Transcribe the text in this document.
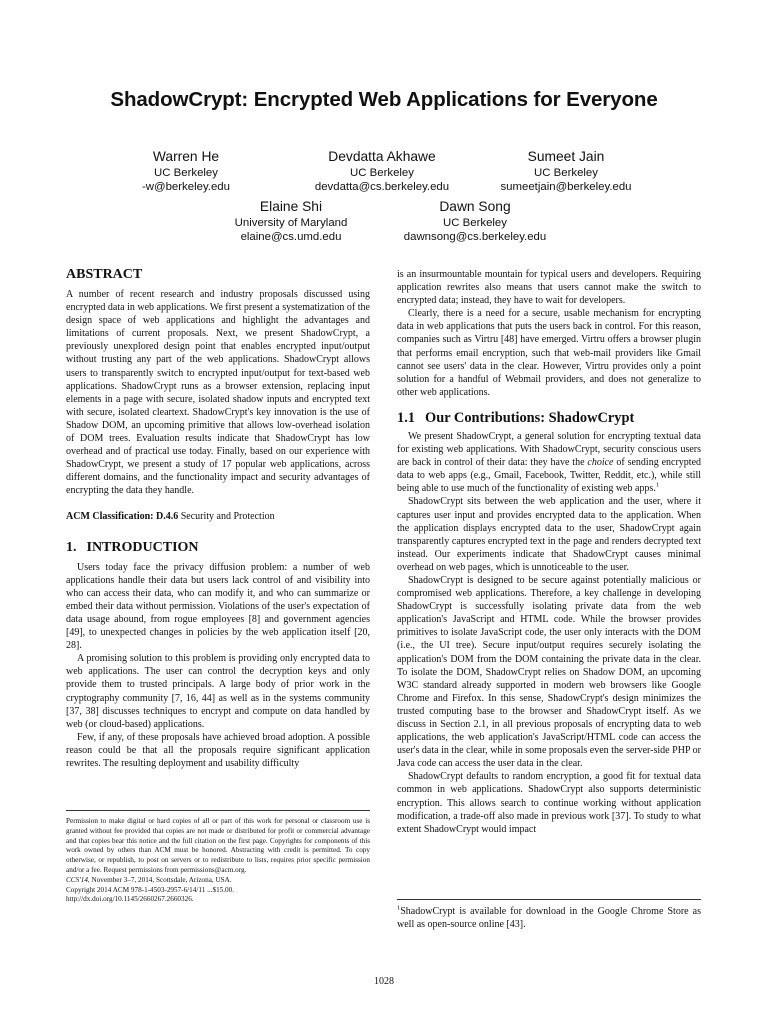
ShadowCrypt: Encrypted Web Applications for Everyone
Warren He
UC Berkeley
-w@berkeley.edu
Devdatta Akhawe
UC Berkeley
devdatta@cs.berkeley.edu
Sumeet Jain
UC Berkeley
sumeetjain@berkeley.edu
Elaine Shi
University of Maryland
elaine@cs.umd.edu
Dawn Song
UC Berkeley
dawnsong@cs.berkeley.edu
ABSTRACT

A number of recent research and industry proposals discussed using encrypted data in web applications. We first present a systematization of the design space of web applications and highlight the advantages and limitations of current proposals. Next, we present ShadowCrypt, a previously unexplored design point that enables encrypted input/output without trusting any part of the web applications. ShadowCrypt allows users to transparently switch to encrypted input/output for text-based web applications. ShadowCrypt runs as a browser extension, replacing input elements in a page with secure, isolated shadow inputs and encrypted text with secure, isolated cleartext. ShadowCrypt's key innovation is the use of Shadow DOM, an upcoming primitive that allows low-overhead isolation of DOM trees. Evaluation results indicate that ShadowCrypt has low overhead and of practical use today. Finally, based on our experience with ShadowCrypt, we present a study of 17 popular web applications, across different domains, and the functionality impact and security advantages of encrypting the data they handle.

ACM Classification: D.4.6 Security and Protection

1. INTRODUCTION

Users today face the privacy diffusion problem: a number of web applications handle their data but users lack control of and visibility into who can access their data, who can modify it, and who can summarize or embed their data without permission. Violations of the user's expectation of data usage abound, from rogue employees [8] and government agencies [49], to unexpected changes in policies by the web application itself [20, 28].

A promising solution to this problem is providing only encrypted data to web applications. The user can control the decryption keys and only provide them to trusted principals. A large body of prior work in the cryptography community [7, 16, 44] as well as in the systems community [37, 38] discusses techniques to encrypt and compute on data handled by web (or cloud-based) applications.

Few, if any, of these proposals have achieved broad adoption. A possible reason could be that all the proposals require significant application rewrites. The resulting deployment and usability difficulty

Permission to make digital or hard copies of all or part of this work for personal or classroom use is granted without fee provided that copies are not made or distributed for profit or commercial advantage and that copies bear this notice and the full citation on the first page. Copyrights for components of this work owned by others than ACM must be honored. Abstracting with credit is permitted. To copy otherwise, or republish, to post on servers or to redistribute to lists, requires prior specific permission and/or a fee. Request permissions from permissions@acm.org.

CCS'14, November 3–7, 2014, Scottsdale, Arizona, USA.

Copyright 2014 ACM 978-1-4503-2957-6/14/11 ...$15.00.

http://dx.doi.org/10.1145/2660267.2660326.

is an insurmountable mountain for typical users and developers. Requiring application rewrites also means that users cannot make the switch to encrypted data; instead, they have to wait for developers.

Clearly, there is a need for a secure, usable mechanism for encrypting data in web applications that puts the users back in control. For this reason, companies such as Virtru [48] have emerged. Virtru offers a browser plugin that performs email encryption, such that web-mail providers like Gmail cannot see users' data in the clear. However, Virtru provides only a point solution for a handful of Webmail providers, and does not generalize to other web applications.

1.1 Our Contributions: ShadowCrypt

We present ShadowCrypt, a general solution for encrypting textual data for existing web applications. With ShadowCrypt, security conscious users are back in control of their data: they have the choice of sending encrypted data to web apps (e.g., Gmail, Facebook, Twitter, Reddit, etc.), while still being able to use much of the functionality of existing web apps.$^1$

ShadowCrypt sits between the web application and the user, where it captures user input and provides encrypted data to the application. When the application displays encrypted data to the user, ShadowCrypt again transparently captures encrypted text in the page and renders decrypted text instead. Our experiments indicate that ShadowCrypt causes minimal overhead on web pages, which is unnoticeable to the user.

ShadowCrypt is designed to be secure against potentially malicious or compromised web applications. Therefore, a key challenge in developing ShadowCrypt is successfully isolating private data from the web application's JavaScript and HTML code. While the browser provides primitives to isolate JavaScript code, the user only interacts with the DOM (i.e., the UI tree). Secure input/output requires securely isolating the application's DOM from the DOM containing the private data in the clear. To isolate the DOM, ShadowCrypt relies on Shadow DOM, an upcoming W3C standard already supported in modern web browsers like Google Chrome and Firefox. In this sense, ShadowCrypt's design minimizes the trusted computing base to the browser and ShadowCrypt itself. As we discuss in Section 2.1, in all previous proposals of encrypting data to web applications, the web application's JavaScript/HTML code can access the user's data in the clear, while in some proposals even the server-side PHP or Java code can access the user data in the clear.

ShadowCrypt defaults to random encryption, a good fit for textual data common in web applications. ShadowCrypt also supports deterministic encryption. This allows search to continue working without application modification, a trade-off also made in previous work [37]. To study to what extent ShadowCrypt would impact

$^1$ShadowCrypt is available for download in the Google Chrome Store as well as open-source online [43].
1028
